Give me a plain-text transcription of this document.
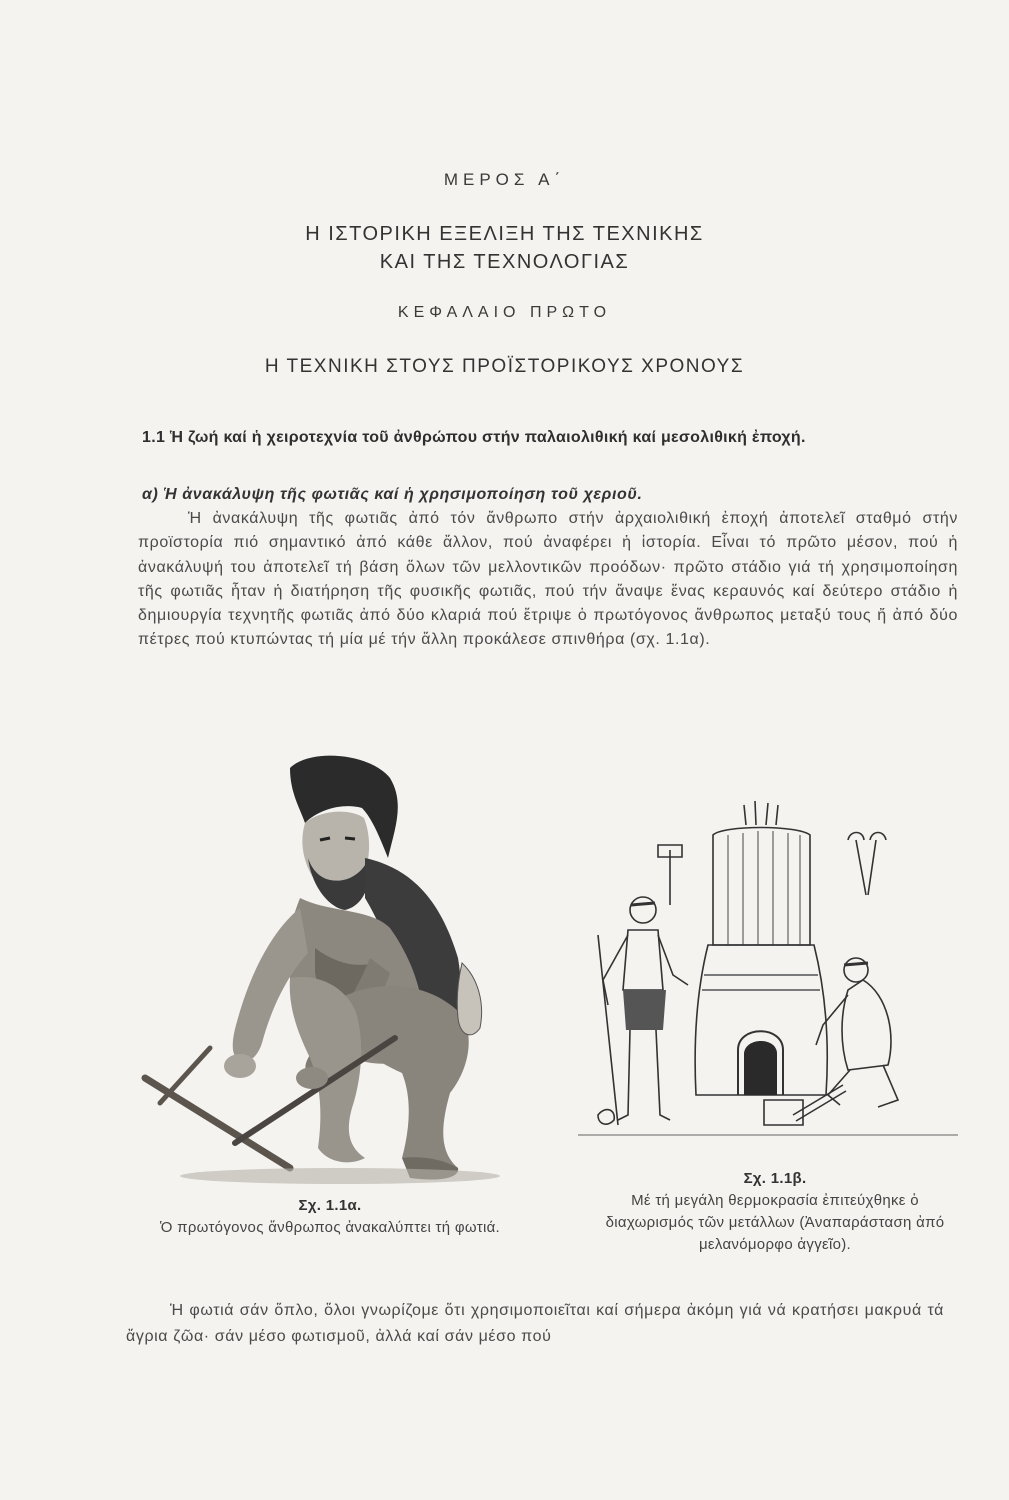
ΜΕΡΟΣ Α΄
Η ΙΣΤΟΡΙΚΗ ΕΞΕΛΙΞΗ ΤΗΣ ΤΕΧΝΙΚΗΣ
ΚΑΙ ΤΗΣ ΤΕΧΝΟΛΟΓΙΑΣ
ΚΕΦΑΛΑΙΟ ΠΡΩΤΟ
Η ΤΕΧΝΙΚΗ ΣΤΟΥΣ ΠΡΟΪΣΤΟΡΙΚΟΥΣ ΧΡΟΝΟΥΣ
1.1 Ἡ ζωή καί ἡ χειροτεχνία τοῦ ἀνθρώπου στήν παλαιολιθική καί μεσολιθική ἐποχή.
α) Ἡ ἀνακάλυψη τῆς φωτιᾶς καί ἡ χρησιμοποίηση τοῦ χεριοῦ.

Ἡ ἀνακάλυψη τῆς φωτιᾶς ἀπό τόν ἄνθρωπο στήν ἀρχαιολιθική ἐποχή ἀποτελεῖ σταθμό στήν προϊστορία πιό σημαντικό ἀπό κάθε ἄλλον, πού ἀναφέρει ἡ ἱστορία. Εἶναι τό πρῶτο μέσον, πού ἡ ἀνακάλυψή του ἀποτελεῖ τή βάση ὅλων τῶν μελλοντικῶν προόδων· πρῶτο στάδιο γιά τή χρησιμοποίηση τῆς φωτιᾶς ἦταν ἡ διατήρηση τῆς φυσικῆς φωτιᾶς, πού τήν ἄναψε ἕνας κεραυνός καί δεύτερο στάδιο ἡ δημιουργία τεχνητῆς φωτιᾶς ἀπό δύο κλαριά πού ἔτριψε ὁ πρωτόγονος ἄνθρωπος μεταξύ τους ἤ ἀπό δύο πέτρες πού κτυπώντας τή μία μέ τήν ἄλλη προκάλεσε σπινθήρα (σχ. 1.1α).

Σχ. 1.1α.
Ὁ πρωτόγονος ἄνθρωπος ἀνακαλύπτει τή φωτιά.
Σχ. 1.1β.
Μέ τή μεγάλη θερμοκρασία ἐπιτεύχθηκε ὁ διαχωρισμός τῶν μετάλλων (Ἀναπαράσταση ἀπό μελανόμορφο ἀγγεῖο).

Ἡ φωτιά σάν ὅπλο, ὅλοι γνωρίζομε ὅτι χρησιμοποιεῖται καί σήμερα ἀκόμη γιά νά κρατήσει μακρυά τά ἄγρια ζῶα· σάν μέσο φωτισμοῦ, ἀλλά καί σάν μέσο πού
